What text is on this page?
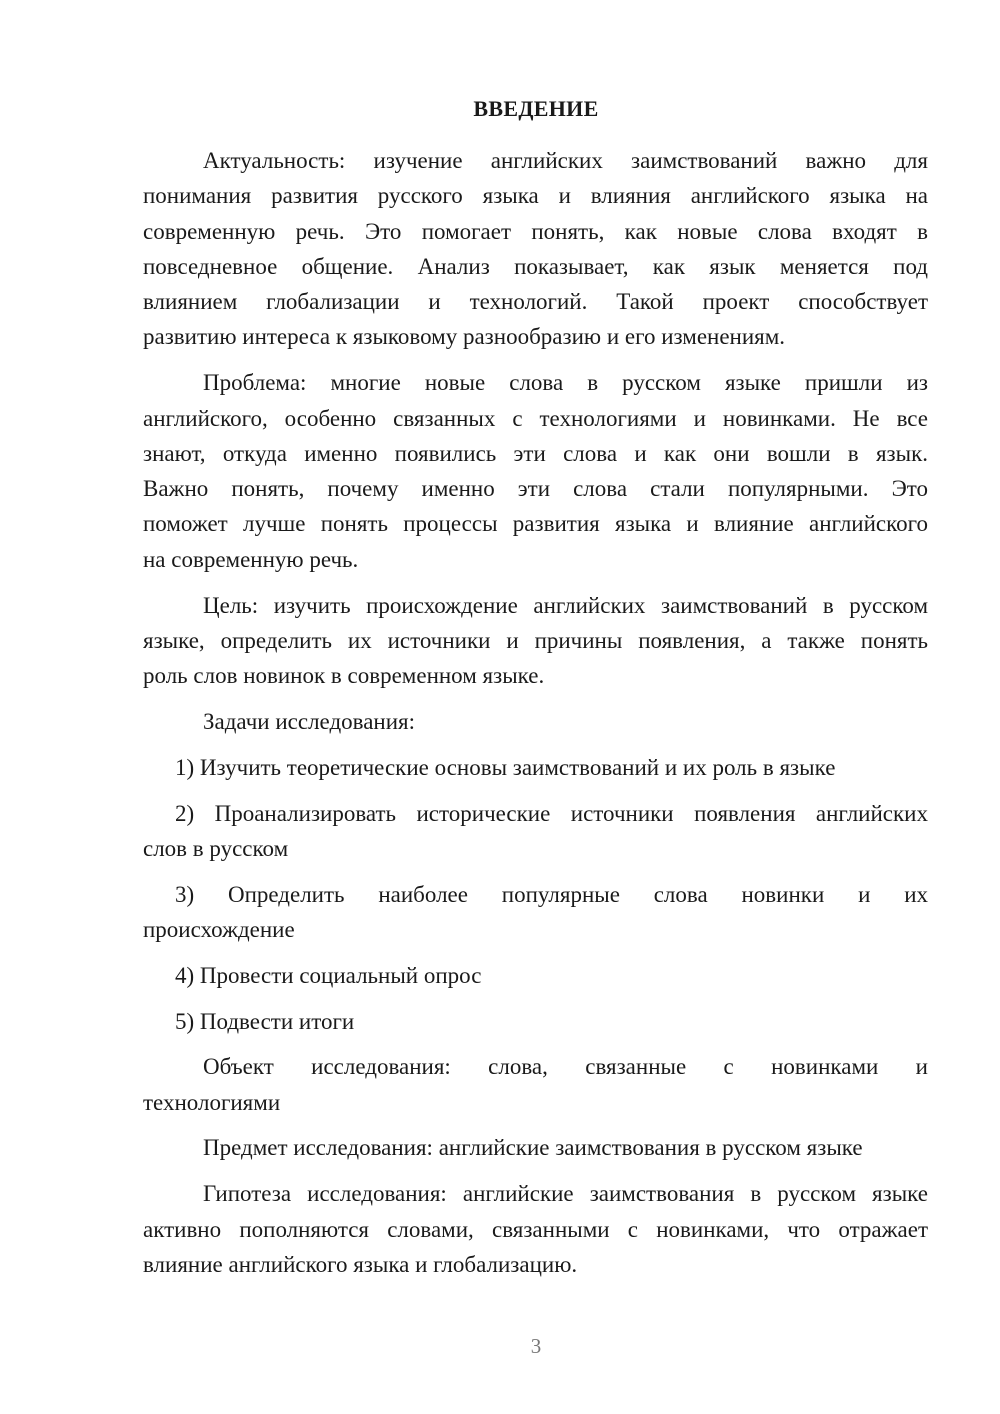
ВВЕДЕНИЕ
Актуальность: изучение английских заимствований важно для
понимания развития русского языка и влияния английского языка на
современную речь. Это помогает понять, как новые слова входят в
повседневное общение. Анализ показывает, как язык меняется под
влиянием глобализации и технологий. Такой проект способствует
развитию интереса к языковому разнообразию и его изменениям.
Проблема: многие новые слова в русском языке пришли из
английского, особенно связанных с технологиями и новинками. Не все
знают, откуда именно появились эти слова и как они вошли в язык.
Важно понять, почему именно эти слова стали популярными. Это
поможет лучше понять процессы развития языка и влияние английского
на современную речь.
Цель: изучить происхождение английских заимствований в русском
языке, определить их источники и причины появления, а также понять
роль слов новинок в современном языке.
Задачи исследования:
1) Изучить теоретические основы заимствований и их роль в языке
2) Проанализировать исторические источники появления английских
слов в русском
3) Определить наиболее популярные слова новинки и их
происхождение
4) Провести социальный опрос
5) Подвести итоги
Объект исследования: слова, связанные с новинками и
технологиями
Предмет исследования: английские заимствования в русском языке
Гипотеза исследования: английские заимствования в русском языке
активно пополняются словами, связанными с новинками, что отражает
влияние английского языка и глобализацию.
3
